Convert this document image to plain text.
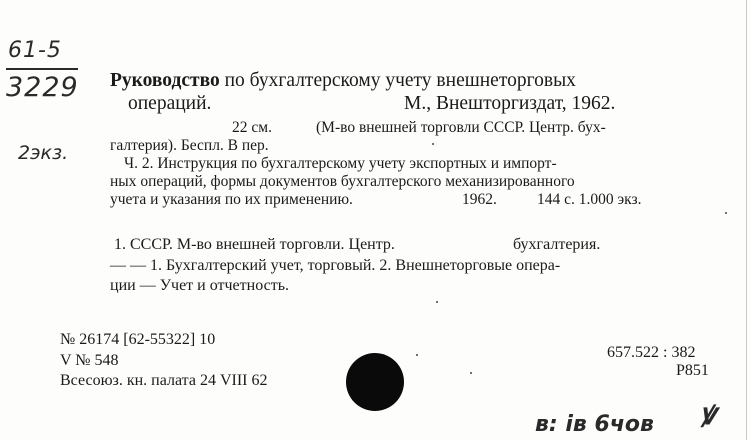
61-5
3229
2экз.
Руководство по бухгалтерскому учету внешнеторговых
операций.	М., Внешторгиздат, 1962.
22 см.	(М-во внешней торговли СССР. Центр. бух-
галтерия). Беспл. В пер.
Ч. 2. Инструкция по бухгалтерскому учету экспортных и импорт-
ных операций, формы документов бухгалтерского механизированного
учета и указания по их применению.	1962.	144 с. 1.000 экз.
1. СССР. М-во внешней торговли. Центр.	бухгалтерия.
— — 1. Бухгалтерский учет, торговый. 2. Внешнеторговые опера-
ции — Учет и отчетность.
№ 26174 [62-55322] 10
V № 548
Всесоюз. кн. палата 24 VIII 62
657.522 : 382
Р851
в: ів 6чов ꝟ
